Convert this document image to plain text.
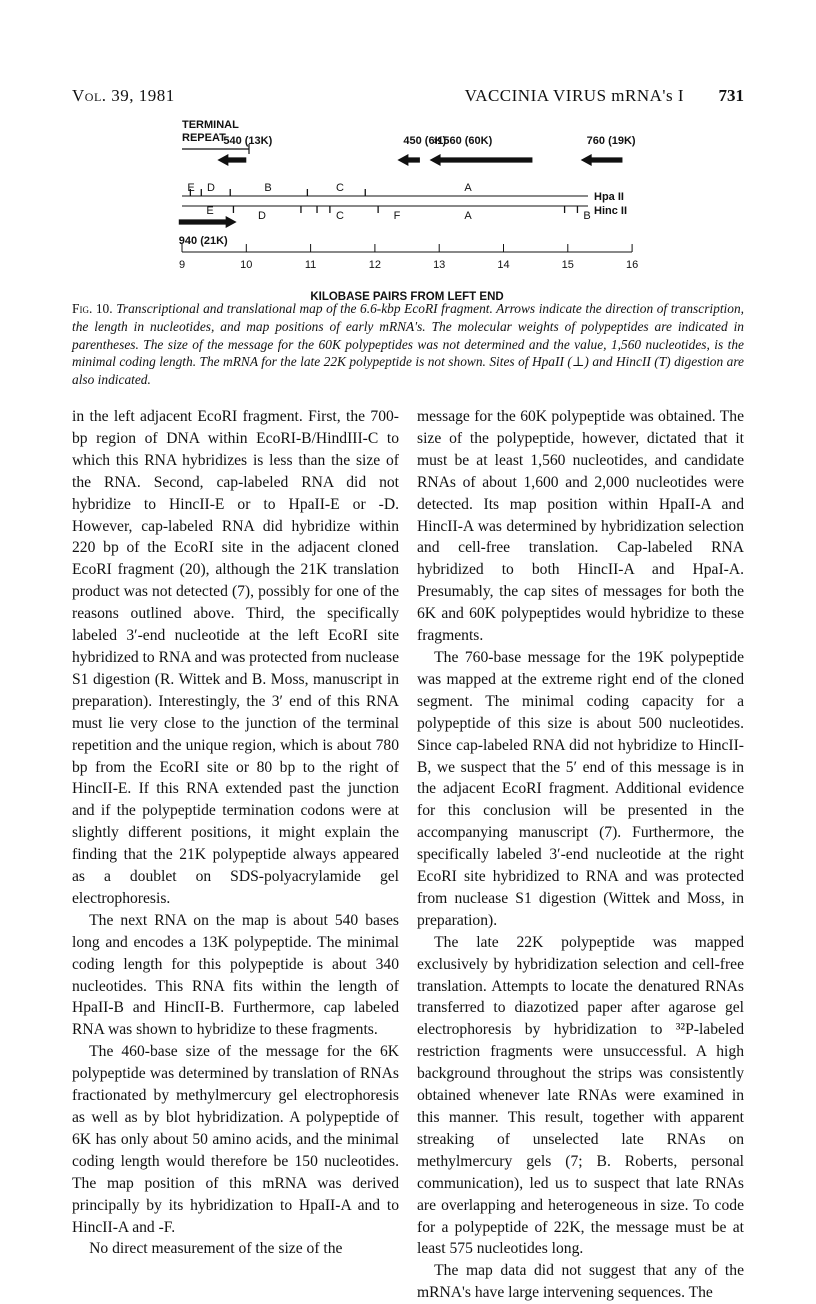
Vol. 39, 1981	VACCINIA VIRUS mRNA's I 731
TERMINAL
REPEAT
540 (13K)	450 (6K)
›1560 (60K)	760 (19K)
940 (21K)
E D	B	C	A
Hpa II
E	D	C	F	A	B Hinc II
9	10	11	12	13	14	15	16
KILOBASE PAIRS FROM LEFT END
Fig. 10. Transcriptional and translational map of the 6.6-kbp EcoRI fragment. Arrows indicate the direction of transcription, the length in nucleotides, and map positions of early mRNA's. The molecular weights of polypeptides are indicated in parentheses. The size of the message for the 60K polypeptides was not determined and the value, 1,560 nucleotides, is the minimal coding length. The mRNA for the late 22K polypeptide is not shown. Sites of HpaII (⊥) and HincII (T) digestion are also indicated.

in the left adjacent EcoRI fragment. First, the 700-bp region of DNA within EcoRI-B/HindIII-C to which this RNA hybridizes is less than the size of the RNA. Second, cap-labeled RNA did not hybridize to HincII-E or to HpaII-E or -D. However, cap-labeled RNA did hybridize within 220 bp of the EcoRI site in the adjacent cloned EcoRI fragment (20), although the 21K translation product was not detected (7), possibly for one of the reasons outlined above. Third, the specifically labeled 3′-end nucleotide at the left EcoRI site hybridized to RNA and was protected from nuclease S1 digestion (R. Wittek and B. Moss, manuscript in preparation). Interestingly, the 3′ end of this RNA must lie very close to the junction of the terminal repetition and the unique region, which is about 780 bp from the EcoRI site or 80 bp to the right of HincII-E. If this RNA extended past the junction and if the polypeptide termination codons were at slightly different positions, it might explain the finding that the 21K polypeptide always appeared as a doublet on SDS-polyacrylamide gel electrophoresis.

The next RNA on the map is about 540 bases long and encodes a 13K polypeptide. The minimal coding length for this polypeptide is about 340 nucleotides. This RNA fits within the length of HpaII-B and HincII-B. Furthermore, cap labeled RNA was shown to hybridize to these fragments.

The 460-base size of the message for the 6K polypeptide was determined by translation of RNAs fractionated by methylmercury gel electrophoresis as well as by blot hybridization. A polypeptide of 6K has only about 50 amino acids, and the minimal coding length would therefore be 150 nucleotides. The map position of this mRNA was derived principally by its hybridization to HpaII-A and to HincII-A and -F.

No direct measurement of the size of the

message for the 60K polypeptide was obtained. The size of the polypeptide, however, dictated that it must be at least 1,560 nucleotides, and candidate RNAs of about 1,600 and 2,000 nucleotides were detected. Its map position within HpaII-A and HincII-A was determined by hybridization selection and cell-free translation. Cap-labeled RNA hybridized to both HincII-A and HpaI-A. Presumably, the cap sites of messages for both the 6K and 60K polypeptides would hybridize to these fragments.

The 760-base message for the 19K polypeptide was mapped at the extreme right end of the cloned segment. The minimal coding capacity for a polypeptide of this size is about 500 nucleotides. Since cap-labeled RNA did not hybridize to HincII-B, we suspect that the 5′ end of this message is in the adjacent EcoRI fragment. Additional evidence for this conclusion will be presented in the accompanying manuscript (7). Furthermore, the specifically labeled 3′-end nucleotide at the right EcoRI site hybridized to RNA and was protected from nuclease S1 digestion (Wittek and Moss, in preparation).

The late 22K polypeptide was mapped exclusively by hybridization selection and cell-free translation. Attempts to locate the denatured RNAs transferred to diazotized paper after agarose gel electrophoresis by hybridization to ³²P-labeled restriction fragments were unsuccessful. A high background throughout the strips was consistently obtained whenever late RNAs were examined in this manner. This result, together with apparent streaking of unselected late RNAs on methylmercury gels (7; B. Roberts, personal communication), led us to suspect that late RNAs are overlapping and heterogeneous in size. To code for a polypeptide of 22K, the message must be at least 575 nucleotides long.

The map data did not suggest that any of the mRNA's have large intervening sequences. The
